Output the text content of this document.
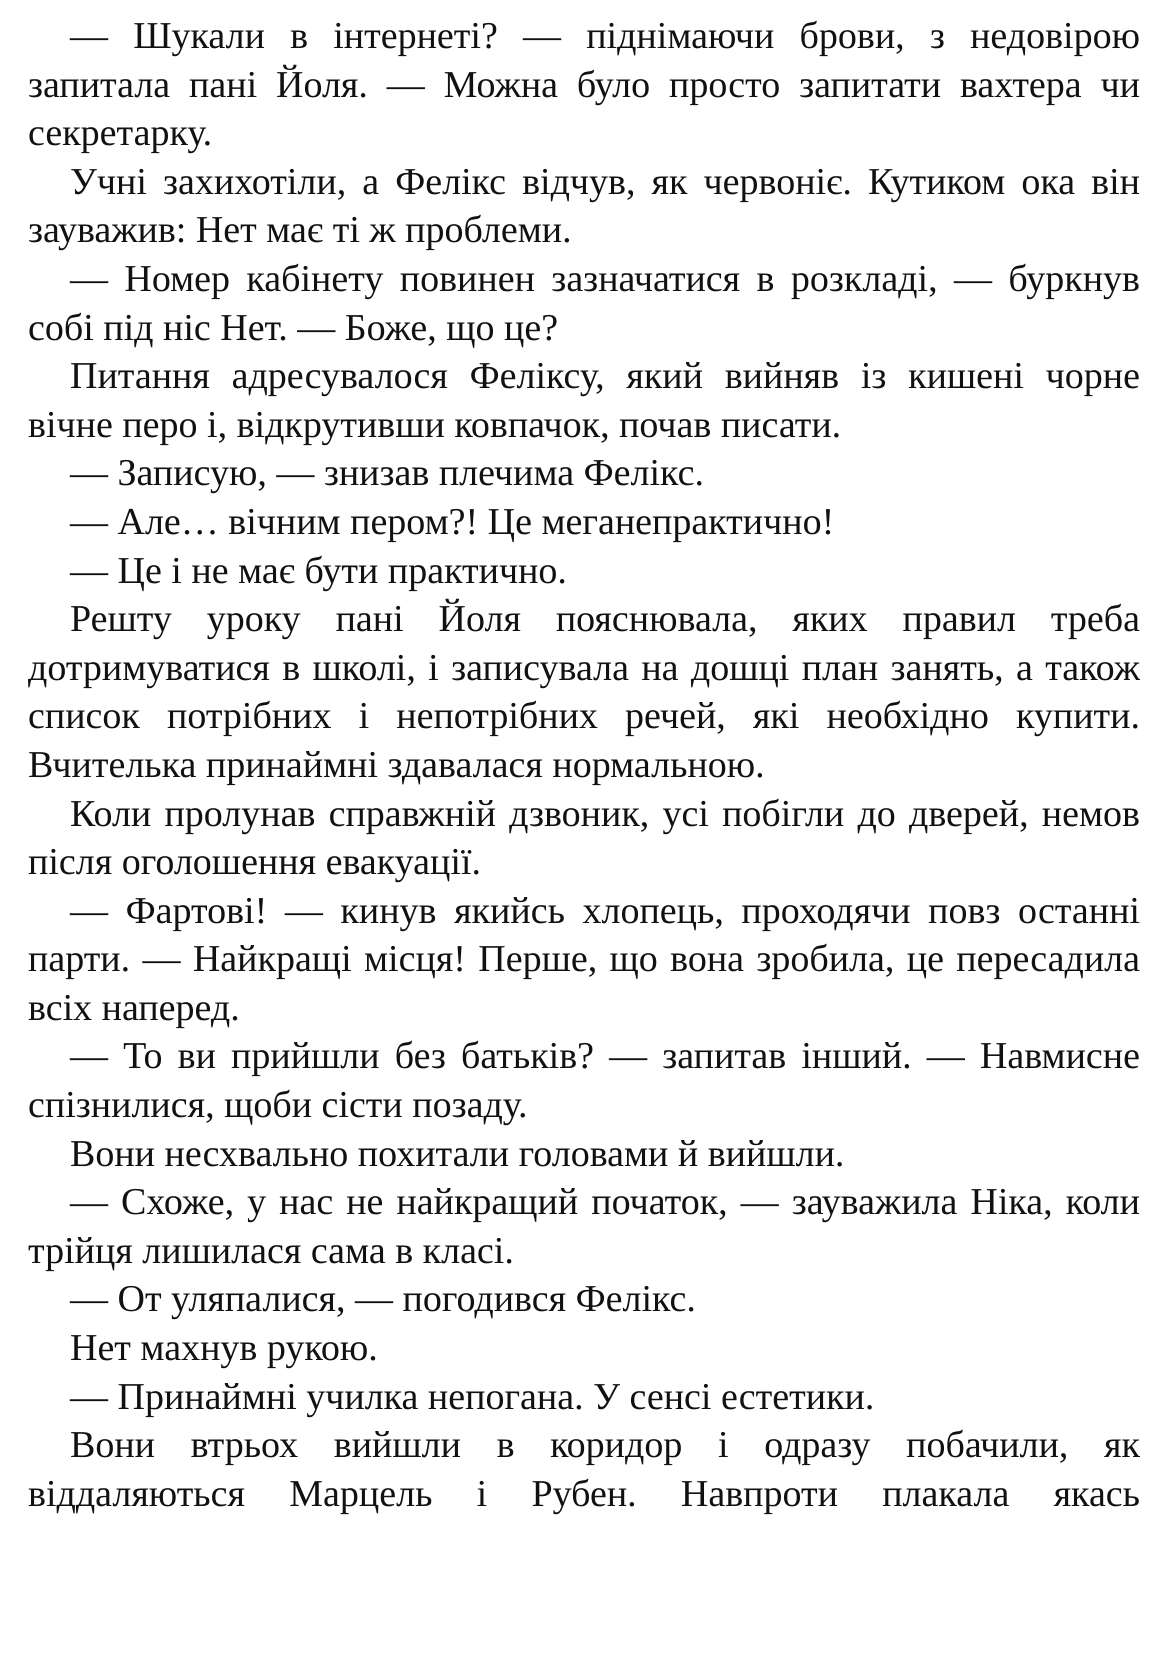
— Шукали в інтернеті? — піднімаючи брови, з недовірою запитала пані Йоля. — Можна було просто запитати вахтера чи секретарку.

Учні захихотіли, а Фелікс відчув, як червоніє. Кутиком ока він зауважив: Нет має ті ж проблеми.

— Номер кабінету повинен зазначатися в розкладі, — буркнув собі під ніс Нет. — Боже, що це?

Питання адресувалося Феліксу, який вийняв із кишені чорне вічне перо і, відкрутивши ковпачок, почав писати.

— Записую, — знизав плечима Фелікс.

— Але… вічним пером?! Це меганепрактично!

— Це і не має бути практично.

Решту уроку пані Йоля пояснювала, яких правил треба дотримуватися в школі, і записувала на дошці план занять, а також список потрібних і непотрібних речей, які необхідно купити. Вчителька принаймні здавалася нормальною.

Коли пролунав справжній дзвоник, усі побігли до дверей, немов після оголошення евакуації.

— Фартові! — кинув якийсь хлопець, проходячи повз останні парти. — Найкращі місця! Перше, що вона зробила, це пересадила всіх наперед.

— То ви прийшли без батьків? — запитав інший. — Навмисне спізнилися, щоби сісти позаду.

Вони несхвально похитали головами й вийшли.

— Схоже, у нас не найкращий початок, — зауважила Ніка, коли трійця лишилася сама в класі.

— От уляпалися, — погодився Фелікс.

Нет махнув рукою.

— Принаймні училка непогана. У сенсі естетики.

Вони втрьох вийшли в коридор і одразу побачили, як віддаляються Марцель і Рубен. Навпроти плакала якась
